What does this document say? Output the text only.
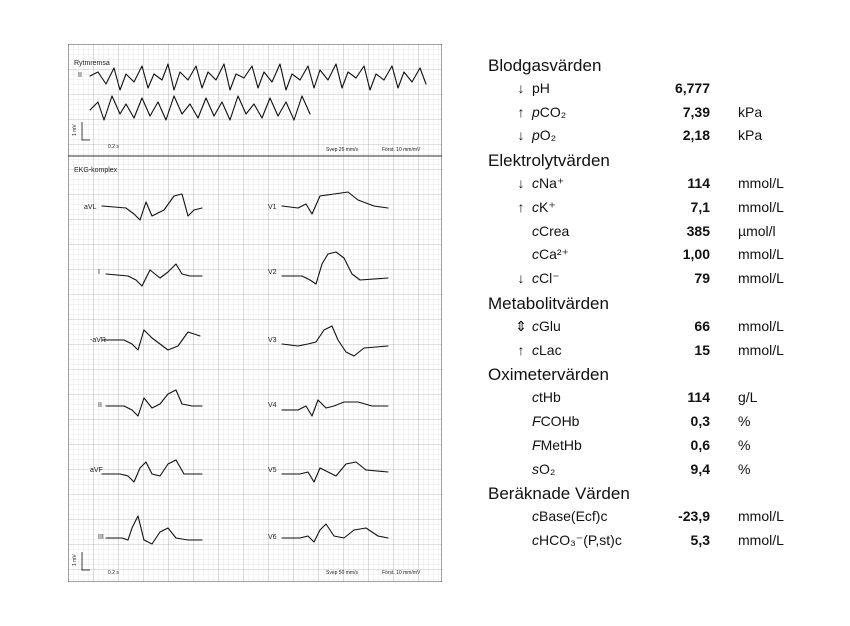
Rytmremsa
II
1 mV
0.2 s	Svep 25 mm/s	Först. 10 mm/mV
EKG-komplex
1 mV
0.2 s	Svep 50 mm/s	Först. 10 mm/mV
aVL	V1
I	V2
-aVR	V3
II	V4
aVF	V5
III	V6
Blodgasvärden
↓ pH	6,777
↑ pCO₂	7,39 kPa
↓ pO₂	2,18 kPa
Elektrolytvärden
↓ cNa⁺	114 mmol/L
↑ cK⁺	7,1 mmol/L
cCrea	385 µmol/l
cCa²⁺	1,00 mmol/L
↓ cCl⁻	79 mmol/L
Metabolitvärden
⇕ cGlu	66 mmol/L
↑ cLac	15 mmol/L
Oximetervärden
ctHb	114 g/L
FCOHb	0,3 %
FMetHb	0,6 %
sO₂	9,4 %
Beräknade Värden
cBase(Ecf)c	-23,9 mmol/L
cHCO₃⁻(P,st)c	5,3 mmol/L
